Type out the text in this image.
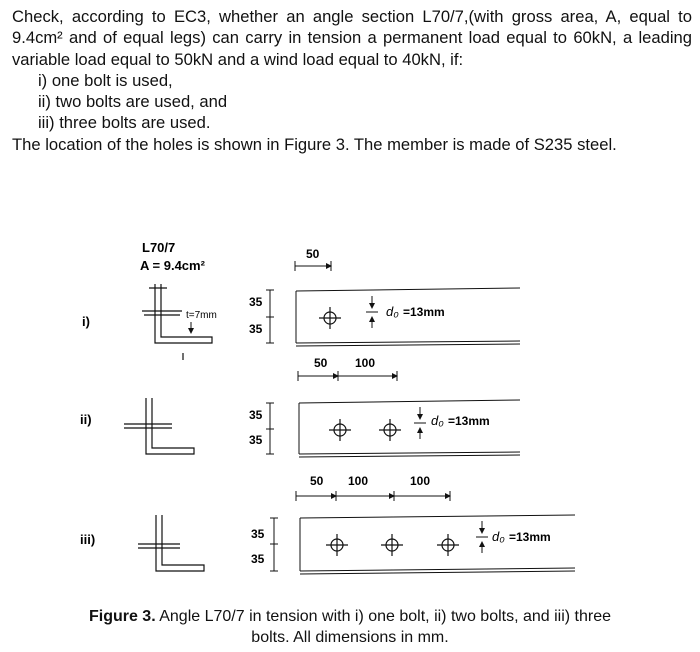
Check, according to EC3, whether an angle section L70/7,(with gross area, A, equal to 9.4cm² and of equal legs) can carry in tension a permanent load equal to 60kN, a leading variable load equal to 50kN and a wind load equal to 40kN, if:

i) one bolt is used,

ii) two bolts are used, and

iii) three bolts are used.

The location of the holes is shown in Figure 3. The member is made of S235 steel.

L70/7
A = 9.4cm²
i)	t=7mm
35
35
50
d₀ =13mm
ii)	35
35
50 100
d₀ =13mm
iii)	35
35
50 100	100
d₀ =13mm
Figure 3. Angle L70/7 in tension with i) one bolt, ii) two bolts, and iii) three
bolts. All dimensions in mm.
